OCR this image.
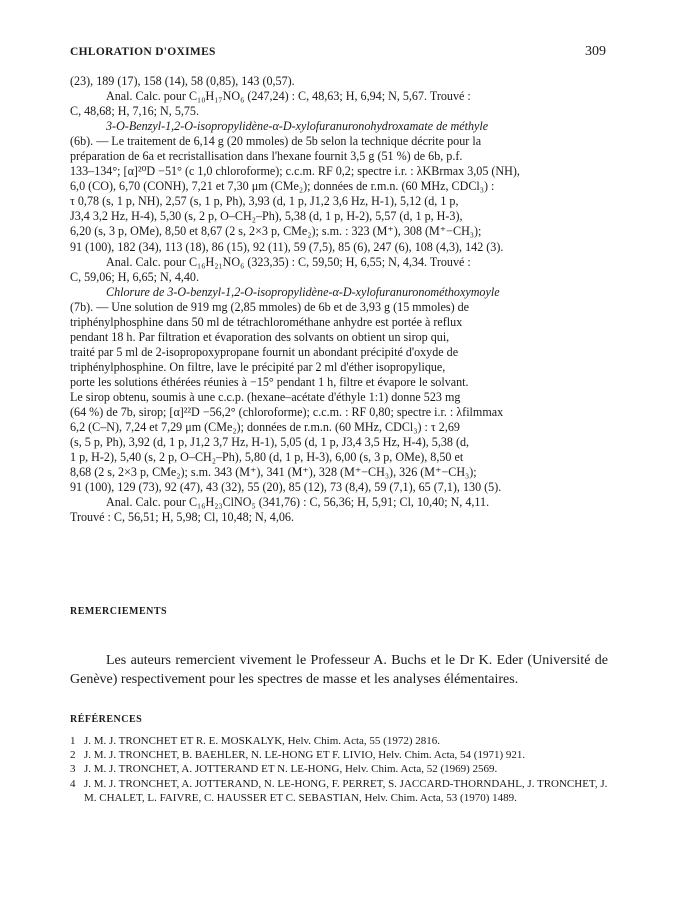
CHLORATION D'OXIMES	309
(23), 189 (17), 158 (14), 58 (0,85), 143 (0,57).
Anal. Calc. pour C₁₀H₁₇NO₆ (247,24) : C, 48,63; H, 6,94; N, 5,67. Trouvé :
C, 48,68; H, 7,16; N, 5,75.
3-O-Benzyl-1,2-O-isopropylidène-α-D-xylofuranuronohydroxamate de méthyle
(6b). — Le traitement de 6,14 g (20 mmoles) de 5b selon la technique décrite pour la
préparation de 6a et recristallisation dans l'hexane fournit 3,5 g (51 %) de 6b, p.f.
133–134°; [α]²⁰D −51° (c 1,0 chloroforme); c.c.m. RF 0,2; spectre i.r. : λKBrmax 3,05 (NH),
6,0 (CO), 6,70 (CONH), 7,21 et 7,30 μm (CMe₂); données de r.m.n. (60 MHz, CDCl₃) :
τ 0,78 (s, 1 p, NH), 2,57 (s, 1 p, Ph), 3,93 (d, 1 p, J1,2 3,6 Hz, H-1), 5,12 (d, 1 p,
J3,4 3,2 Hz, H-4), 5,30 (s, 2 p, O–CH₂–Ph), 5,38 (d, 1 p, H-2), 5,57 (d, 1 p, H-3),
6,20 (s, 3 p, OMe), 8,50 et 8,67 (2 s, 2×3 p, CMe₂); s.m. : 323 (M⁺), 308 (M⁺−CH₃);
91 (100), 182 (34), 113 (18), 86 (15), 92 (11), 59 (7,5), 85 (6), 247 (6), 108 (4,3), 142 (3).
Anal. Calc. pour C₁₆H₂₁NO₆ (323,35) : C, 59,50; H, 6,55; N, 4,34. Trouvé :
C, 59,06; H, 6,65; N, 4,40.
Chlorure de 3-O-benzyl-1,2-O-isopropylidène-α-D-xylofuranuronométhoxymoyle
(7b). — Une solution de 919 mg (2,85 mmoles) de 6b et de 3,93 g (15 mmoles) de
triphénylphosphine dans 50 ml de tétrachlorométhane anhydre est portée à reflux
pendant 18 h. Par filtration et évaporation des solvants on obtient un sirop qui,
traité par 5 ml de 2-isopropoxypropane fournit un abondant précipité d'oxyde de
triphénylphosphine. On filtre, lave le précipité par 2 ml d'éther isopropylique,
porte les solutions éthérées réunies à −15° pendant 1 h, filtre et évapore le solvant.
Le sirop obtenu, soumis à une c.c.p. (hexane–acétate d'éthyle 1:1) donne 523 mg
(64 %) de 7b, sirop; [α]²²D −56,2° (chloroforme); c.c.m. : RF 0,80; spectre i.r. : λfilmmax
6,2 (C–N), 7,24 et 7,29 μm (CMe₂); données de r.m.n. (60 MHz, CDCl₃) : τ 2,69
(s, 5 p, Ph), 3,92 (d, 1 p, J1,2 3,7 Hz, H-1), 5,05 (d, 1 p, J3,4 3,5 Hz, H-4), 5,38 (d,
1 p, H-2), 5,40 (s, 2 p, O–CH₂–Ph), 5,80 (d, 1 p, H-3), 6,00 (s, 3 p, OMe), 8,50 et
8,68 (2 s, 2×3 p, CMe₂); s.m. 343 (M⁺), 341 (M⁺), 328 (M⁺−CH₃), 326 (M⁺−CH₃);
91 (100), 129 (73), 92 (47), 43 (32), 55 (20), 85 (12), 73 (8,4), 59 (7,1), 65 (7,1), 130 (5).
Anal. Calc. pour C₁₆H₂₃ClNO₅ (341,76) : C, 56,36; H, 5,91; Cl, 10,40; N, 4,11.
Trouvé : C, 56,51; H, 5,98; Cl, 10,48; N, 4,06.
REMERCIEMENTS

Les auteurs remercient vivement le Professeur A. Buchs et le Dr K. Eder (Université de Genève) respectivement pour les spectres de masse et les analyses élémentaires.

RÉFÉRENCES

1 J. M. J. TRONCHET ET R. E. MOSKALYK, Helv. Chim. Acta, 55 (1972) 2816.

2 J. M. J. TRONCHET, B. BAEHLER, N. LE-HONG ET F. LIVIO, Helv. Chim. Acta, 54 (1971) 921.

3 J. M. J. TRONCHET, A. JOTTERAND ET N. LE-HONG, Helv. Chim. Acta, 52 (1969) 2569.

4 J. M. J. TRONCHET, A. JOTTERAND, N. LE-HONG, F. PERRET, S. JACCARD-THORNDAHL, J. TRONCHET, J. M. CHALET, L. FAIVRE, C. HAUSSER ET C. SEBASTIAN, Helv. Chim. Acta, 53 (1970) 1489.
